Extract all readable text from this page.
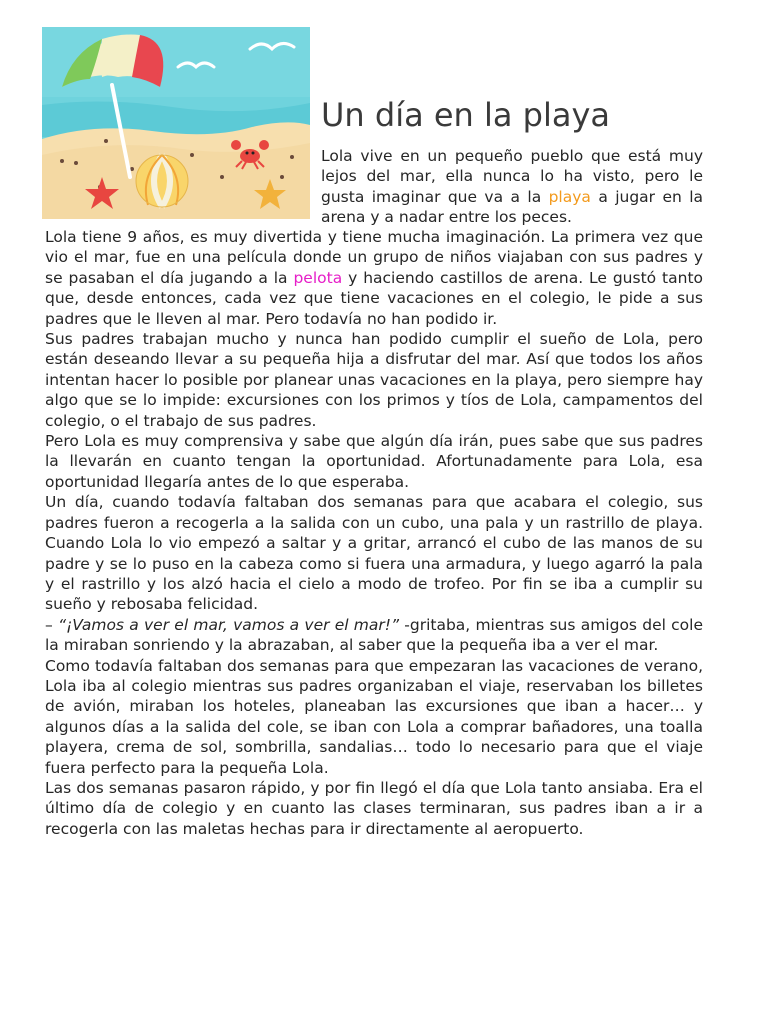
Un día en la playa

Lola vive en un pequeño pueblo que está muy lejos del mar, ella nunca lo ha visto, pero le gusta imaginar que va a la playa a jugar en la arena y a nadar entre los peces.

Lola tiene 9 años, es muy divertida y tiene mucha imaginación. La primera vez que vio el mar, fue en una película donde un grupo de niños viajaban con sus padres y se pasaban el día jugando a la pelota y haciendo castillos de arena. Le gustó tanto que, desde entonces, cada vez que tiene vacaciones en el colegio, le pide a sus padres que le lleven al mar. Pero todavía no han podido ir.

Sus padres trabajan mucho y nunca han podido cumplir el sueño de Lola, pero están deseando llevar a su pequeña hija a disfrutar del mar. Así que todos los años intentan hacer lo posible por planear unas vacaciones en la playa, pero siempre hay algo que se lo impide: excursiones con los primos y tíos de Lola, campamentos del colegio, o el trabajo de sus padres.

Pero Lola es muy comprensiva y sabe que algún día irán, pues sabe que sus padres la llevarán en cuanto tengan la oportunidad. Afortunadamente para Lola, esa oportunidad llegaría antes de lo que esperaba.

Un día, cuando todavía faltaban dos semanas para que acabara el colegio, sus padres fueron a recogerla a la salida con un cubo, una pala y un rastrillo de playa. Cuando Lola lo vio empezó a saltar y a gritar, arrancó el cubo de las manos de su padre y se lo puso en la cabeza como si fuera una armadura, y luego agarró la pala y el rastrillo y los alzó hacia el cielo a modo de trofeo. Por fin se iba a cumplir su sueño y rebosaba felicidad.

– “¡Vamos a ver el mar, vamos a ver el mar!” -gritaba, mientras sus amigos del cole la miraban sonriendo y la abrazaban, al saber que la pequeña iba a ver el mar.

Como todavía faltaban dos semanas para que empezaran las vacaciones de verano, Lola iba al colegio mientras sus padres organizaban el viaje, reservaban los billetes de avión, miraban los hoteles, planeaban las excursiones que iban a hacer… y algunos días a la salida del cole, se iban con Lola a comprar bañadores, una toalla playera, crema de sol, sombrilla, sandalias… todo lo necesario para que el viaje fuera perfecto para la pequeña Lola.

Las dos semanas pasaron rápido, y por fin llegó el día que Lola tanto ansiaba. Era el último día de colegio y en cuanto las clases terminaran, sus padres iban a ir a recogerla con las maletas hechas para ir directamente al aeropuerto.
